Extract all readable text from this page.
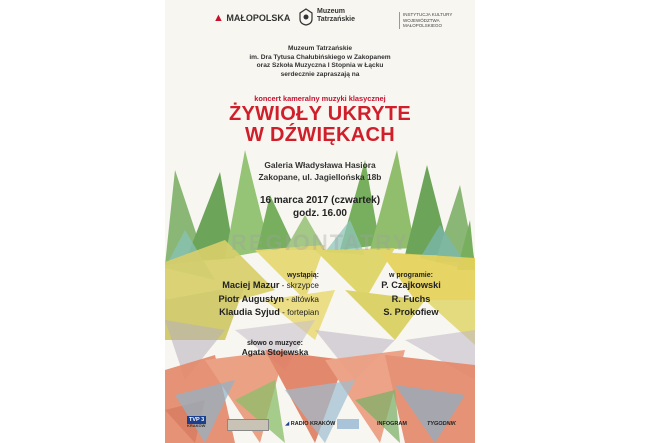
▲ MAŁOPOLSKA
Muzeum
Tatrzańskie
INSTYTUCJA KULTURY
WOJEWÓDZTWA
MAŁOPOLSKIEGO
Muzeum Tatrzańskie
im. Dra Tytusa Chałubińskiego w Zakopanem
oraz Szkoła Muzyczna I Stopnia w Łącku
serdecznie zapraszają na
koncert kameralny muzyki klasycznej
ŻYWIOŁY UKRYTE
W DŹWIĘKACH
Galeria Władysława Hasiora
Zakopane, ul. Jagiellońska 18b
16 marca 2017 (czwartek)
godz. 16.00
REGIONTATRY
wystąpią:
Maciej Mazur - skrzypce
Piotr Augustyn - altówka
Klaudia Syjud - fortepian
w programie:
P. Czajkowski
R. Fuchs
S. Prokofiew
słowo o muzyce:
Agata Stojewska
TVP 3
KRAKÓW	◢ RADIO KRAKÓW	INFOGRAM	TYGODNIK
